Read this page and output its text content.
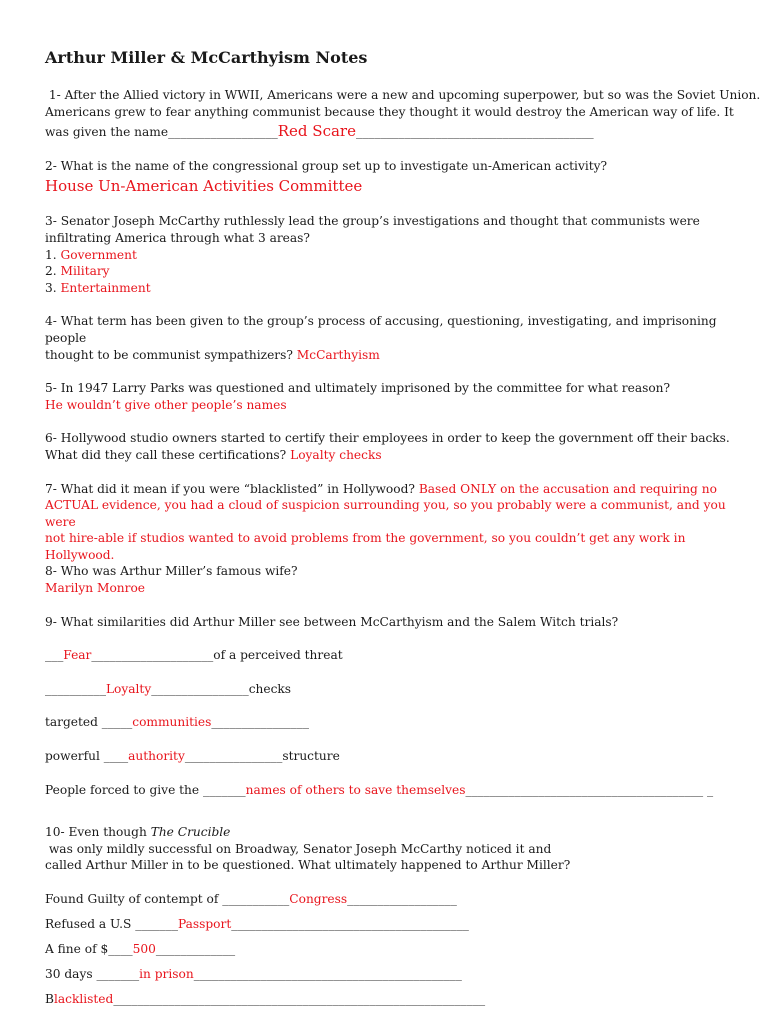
Arthur Miller & McCarthyism Notes

1- After the Allied victory in WWII, Americans were a new and upcoming superpower, but so was the Soviet Union.

Americans grew to fear anything communist because they thought it would destroy the American way of life. It

was given the name__________________Red Scare_______________________________________

2- What is the name of the congressional group set up to investigate un-American activity?

House Un-American Activities Committee

3- Senator Joseph McCarthy ruthlessly lead the group’s investigations and thought that communists were

infiltrating America through what 3 areas?

1. Government

2. Military

3. Entertainment

4- What term has been given to the group’s process of accusing, questioning, investigating, and imprisoning people

thought to be communist sympathizers? McCarthyism

5- In 1947 Larry Parks was questioned and ultimately imprisoned by the committee for what reason?

He wouldn’t give other people’s names

6- Hollywood studio owners started to certify their employees in order to keep the government off their backs.

What did they call these certifications? Loyalty checks

7- What did it mean if you were “blacklisted” in Hollywood? Based ONLY on the accusation and requiring no

ACTUAL evidence, you had a cloud of suspicion surrounding you, so you probably were a communist, and you were

not hire-able if studios wanted to avoid problems from the government, so you couldn’t get any work in

Hollywood.

8- Who was Arthur Miller’s famous wife?

Marilyn Monroe

9- What similarities did Arthur Miller see between McCarthyism and the Salem Witch trials?

___Fear____________________of a perceived threat

__________Loyalty________________checks

targeted _____communities________________

powerful ____authority________________structure

People forced to give the _______names of others to save themselves_______________________________________ _

10- Even though The Crucible was only mildly successful on Broadway, Senator Joseph McCarthy noticed it and

called Arthur Miller in to be questioned. What ultimately happened to Arthur Miller?

Found Guilty of contempt of ___________Congress__________________

Refused a U.S _______Passport_______________________________________

A fine of $____500_____________

30 days _______in prison____________________________________________

Blacklisted_____________________________________________________________
